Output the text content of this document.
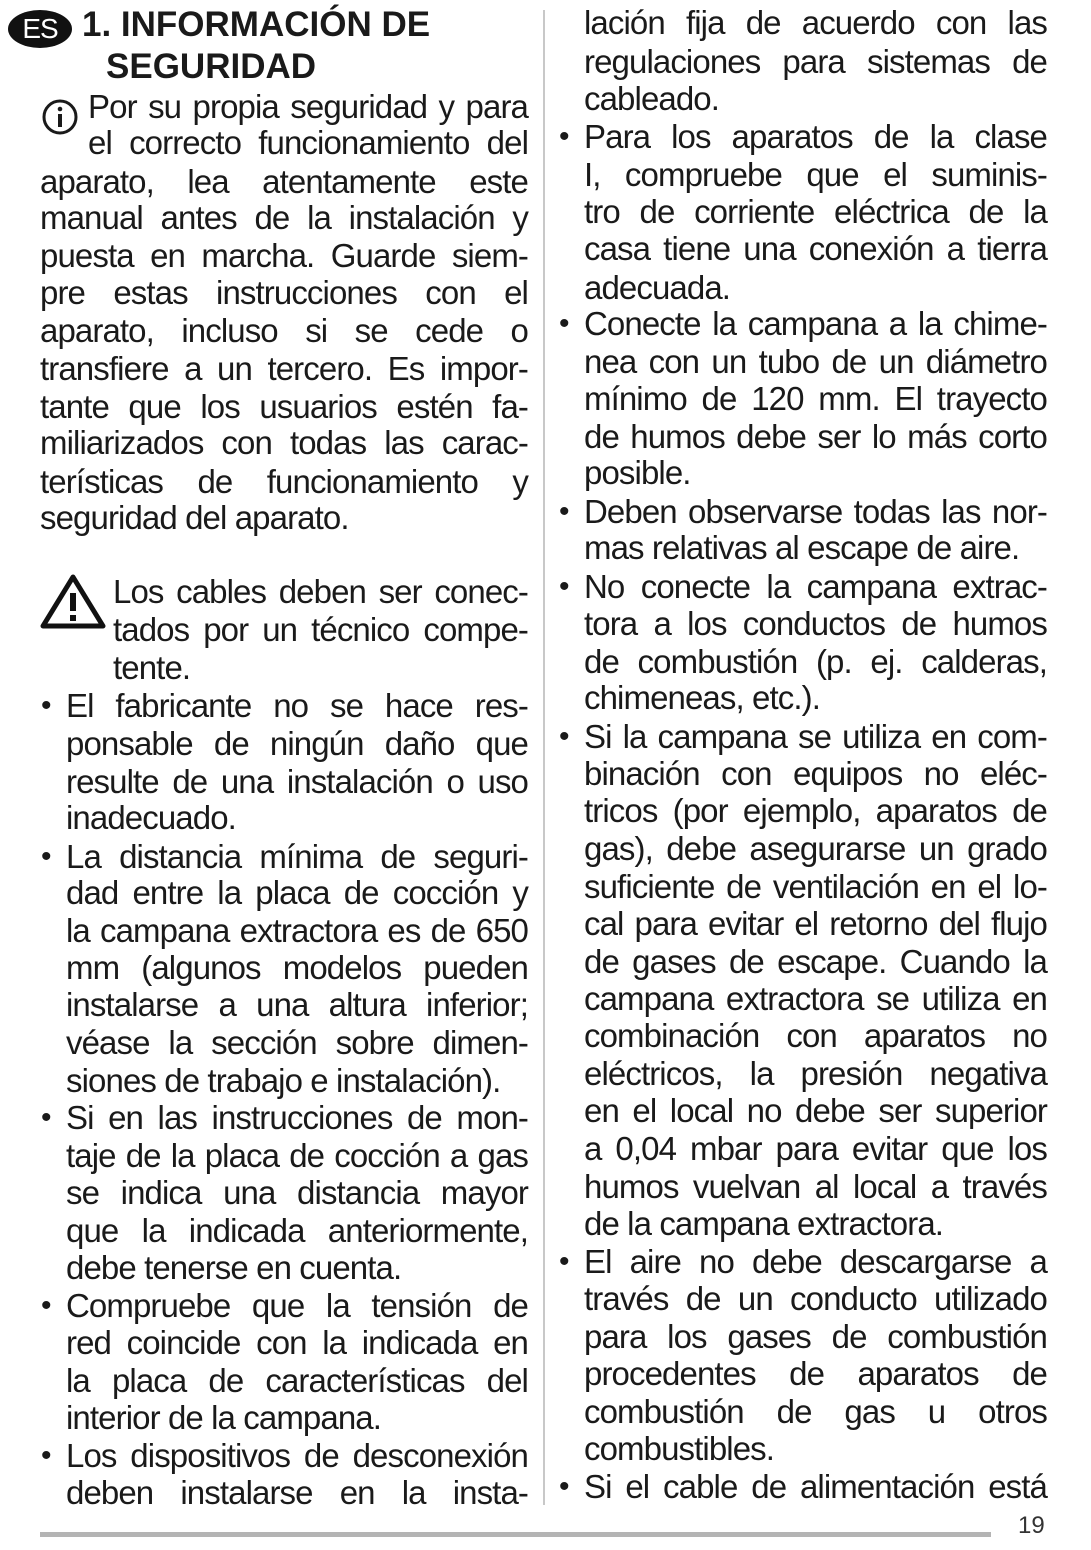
ES 1. INFORMACIÓN DE
SEGURIDAD
Por su propia seguridad y para
el correcto funcionamiento del
aparato, lea atentamente este
manual antes de la instalación y
puesta en marcha. Guarde siem-
pre estas instrucciones con el
aparato, incluso si se cede o
transfiere a un tercero. Es impor-
tante que los usuarios estén fa-
miliarizados con todas las carac-
terísticas de funcionamiento y
seguridad del aparato.
Los cables deben ser conec-
tados por un técnico compe-
tente.
El fabricante no se hace res-
•
ponsable de ningún daño que
resulte de una instalación o uso
inadecuado.
La distancia mínima de seguri-
•
dad entre la placa de cocción y
la campana extractora es de 650
mm (algunos modelos pueden
instalarse a una altura inferior;
véase la sección sobre dimen-
siones de trabajo e instalación).
Si en las instrucciones de mon-
•
taje de la placa de cocción a gas
se indica una distancia mayor
que la indicada anteriormente,
debe tenerse en cuenta.
Compruebe que la tensión de
•
red coincide con la indicada en
la placa de características del
interior de la campana.
Los dispositivos de desconexión
•
deben instalarse en la insta-
lación fija de acuerdo con las
regulaciones para sistemas de
cableado.
Para los aparatos de la clase
•
I, compruebe que el suminis-
tro de corriente eléctrica de la
casa tiene una conexión a tierra
adecuada.
Conecte la campana a la chime-
•
nea con un tubo de un diámetro
mínimo de 120 mm. El trayecto
de humos debe ser lo más corto
posible.
Deben observarse todas las nor-
•
mas relativas al escape de aire.
No conecte la campana extrac-
•
tora a los conductos de humos
de combustión (p. ej. calderas,
chimeneas, etc.).
Si la campana se utiliza en com-
•
binación con equipos no eléc-
tricos (por ejemplo, aparatos de
gas), debe asegurarse un grado
suficiente de ventilación en el lo-
cal para evitar el retorno del flujo
de gases de escape. Cuando la
campana extractora se utiliza en
combinación con aparatos no
eléctricos, la presión negativa
en el local no debe ser superior
a 0,04 mbar para evitar que los
humos vuelvan al local a través
de la campana extractora.
El aire no debe descargarse a
•
través de un conducto utilizado
para los gases de combustión
procedentes de aparatos de
combustión de gas u otros
combustibles.
Si el cable de alimentación está
•
19
